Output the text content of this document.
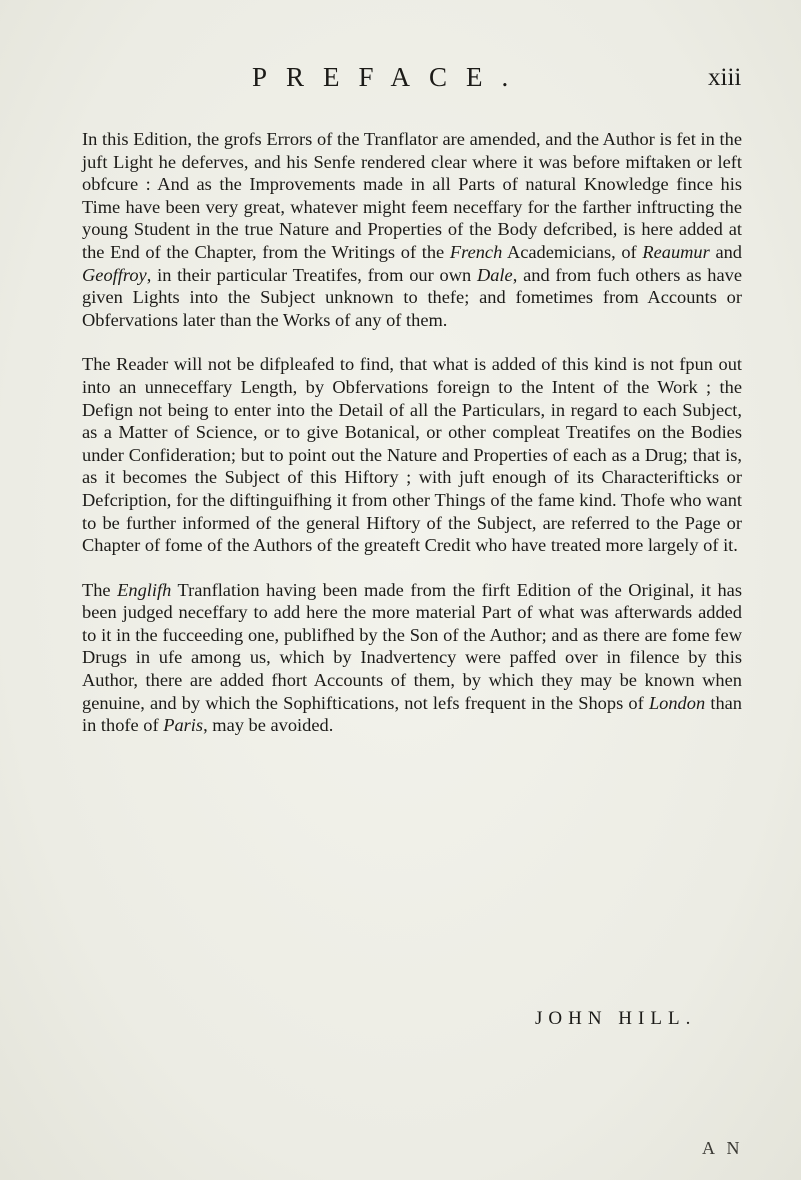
PREFACE.	xiii

In this Edition, the grofs Errors of the Tranflator are amended, and the Author is fet in the juft Light he deferves, and his Senfe rendered clear where it was before miftaken or left obfcure : And as the Improvements made in all Parts of natural Knowledge fince his Time have been very great, whatever might feem neceffary for the farther inftructing the young Student in the true Nature and Properties of the Body defcribed, is here added at the End of the Chapter, from the Writings of the French Academicians, of Reaumur and Geoffroy, in their particular Treatifes, from our own Dale, and from fuch others as have given Lights into the Subject unknown to thefe; and fometimes from Accounts or Obfervations later than the Works of any of them.

The Reader will not be difpleafed to find, that what is added of this kind is not fpun out into an unneceffary Length, by Obfervations foreign to the Intent of the Work ; the Defign not being to enter into the Detail of all the Particulars, in regard to each Subject, as a Matter of Science, or to give Botanical, or other compleat Treatifes on the Bodies under Confideration; but to point out the Nature and Properties of each as a Drug; that is, as it becomes the Subject of this Hiftory ; with juft enough of its Characterifticks or Defcription, for the diftinguifhing it from other Things of the fame kind. Thofe who want to be further informed of the general Hiftory of the Subject, are referred to the Page or Chapter of fome of the Authors of the greateft Credit who have treated more largely of it.

The Englifh Tranflation having been made from the firft Edition of the Original, it has been judged neceffary to add here the more material Part of what was afterwards added to it in the fucceeding one, publifhed by the Son of the Author; and as there are fome few Drugs in ufe among us, which by Inadvertency were paffed over in filence by this Author, there are added fhort Accounts of them, by which they may be known when genuine, and by which the Sophiftications, not lefs frequent in the Shops of London than in thofe of Paris, may be avoided.

JOHN HILL.
A N
